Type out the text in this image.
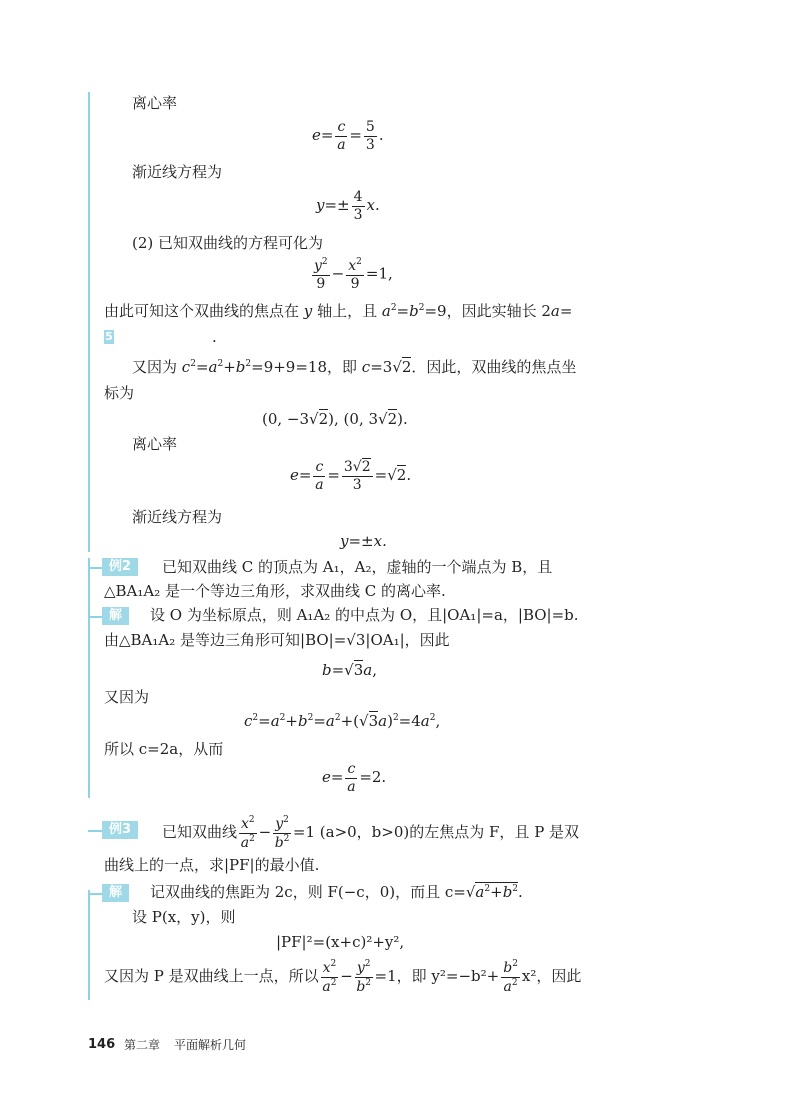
离心率
$e= \frac{c}{a} = \frac{5}{3}$ .
渐近线方程为
$y=\pm \frac{4}{3} x$.
(2) 已知双曲线的方程可化为
$\frac{y^2}{9} - \frac{x^2}{9} =1$,
由此可知这个双曲线的焦点在 y 轴上，且 $a^2=b^2=9$，因此实轴长 2a=
5	.
又因为 $c^2=a^2+b^2=9+9=18$，即 c=3√2．因此，双曲线的焦点坐
标为
(0, −3√2), (0, 3√2).
离心率
$e= \frac{c}{a} = \frac{3√2}{3} =√2$.
渐近线方程为
y=±x.
例2	已知双曲线 C 的顶点为 A₁，A₂，虚轴的一个端点为 B，且
△BA₁A₂ 是一个等边三角形，求双曲线 C 的离心率.
解	设 O 为坐标原点，则 A₁A₂ 的中点为 O，且|OA₁|=a，|BO|=b.
由△BA₁A₂ 是等边三角形可知|BO|=√3|OA₁|，因此
b=√3a,
又因为
$c^2=a^2+b^2=a^2+(√3a)^2=4a^2$,
所以 c=2a，从而
$e= \frac{c}{a} =2$.
例3	已知双曲线 $\frac{x^2}{a^2} - \frac{y^2}{b^2} =1$ (a>0，b>0)的左焦点为 F，且 P 是双
曲线上的一点，求|PF|的最小值.
解	记双曲线的焦距为 2c，则 F(−c，0)，而且 $c=√a^2+b^2$.
设 P(x，y)，则
|PF|²=(x+c)²+y²,
又因为 P 是双曲线上一点，所以 $\frac{x^2}{a^2} - \frac{y^2}{b^2} =1$，即 $y^2=-b^2+ \frac{b^2}{a^2} x^2$，因此
146 第二章 平面解析几何
